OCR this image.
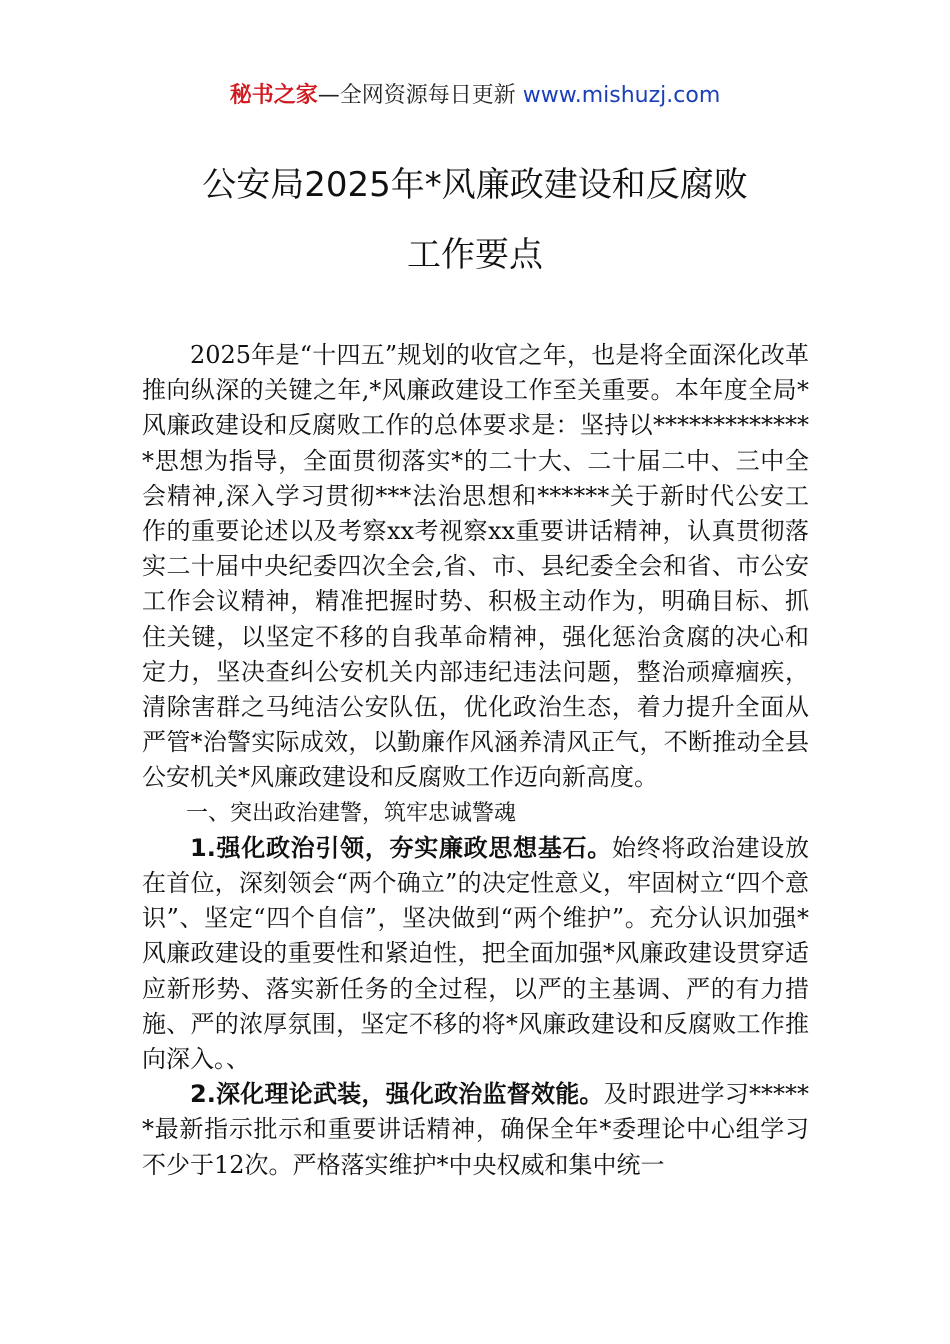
秘书之家—全网资源每日更新 www.mishuzj.com
公安局2025年*风廉政建设和反腐败
工作要点

2025年是“十四五”规划的收官之年，也是将全面深化改革推向纵深的关键之年,*风廉政建设工作至关重要。本年度全局*风廉政建设和反腐败工作的总体要求是：坚持以**************思想为指导，全面贯彻落实*的二十大、二十届二中、三中全会精神,深入学习贯彻***法治思想和******关于新时代公安工作的重要论述以及考察xx考视察xx重要讲话精神，认真贯彻落实二十届中央纪委四次全会,省、市、县纪委全会和省、市公安工作会议精神，精准把握时势、积极主动作为，明确目标、抓住关键，以坚定不移的自我革命精神，强化惩治贪腐的决心和定力，坚决查纠公安机关内部违纪违法问题，整治顽瘴痼疾，清除害群之马纯洁公安队伍，优化政治生态，着力提升全面从严管*治警实际成效，以勤廉作风涵养清风正气，不断推动全县公安机关*风廉政建设和反腐败工作迈向新高度。

一、突出政治建警，筑牢忠诚警魂

1.强化政治引领，夯实廉政思想基石。始终将政治建设放在首位，深刻领会“两个确立”的决定性意义，牢固树立“四个意识”、坚定“四个自信”，坚决做到“两个维护”。充分认识加强*风廉政建设的重要性和紧迫性，把全面加强*风廉政建设贯穿适应新形势、落实新任务的全过程，以严的主基调、严的有力措施、严的浓厚氛围，坚定不移的将*风廉政建设和反腐败工作推向深入。、

2.深化理论武装，强化政治监督效能。及时跟进学习******最新指示批示和重要讲话精神，确保全年*委理论中心组学习不少于12次。严格落实维护*中央权威和集中统一
